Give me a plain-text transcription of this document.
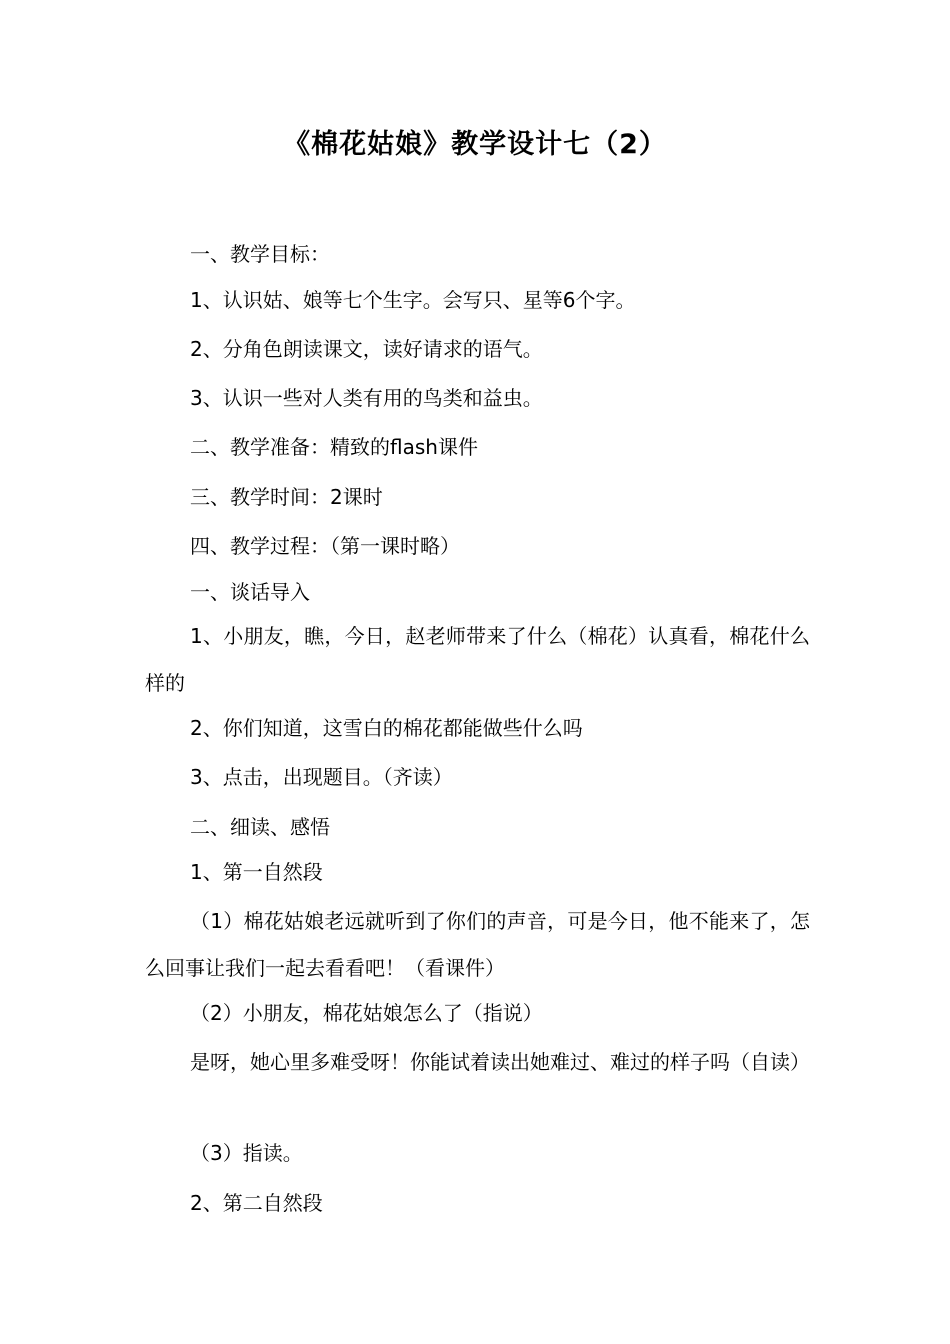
《棉花姑娘》教学设计七（2）
一、教学目标：
1、认识姑、娘等七个生字。会写只、星等6个字。
2、分角色朗读课文，读好请求的语气。
3、认识一些对人类有用的鸟类和益虫。
二、教学准备：精致的flash课件
三、教学时间：2课时
四、教学过程：（第一课时略）
一、谈话导入
1、小朋友，瞧，今日，赵老师带来了什么（棉花）认真看，棉花什么样的
2、你们知道，这雪白的棉花都能做些什么吗
3、点击，出现题目。（齐读）
二、细读、感悟
1、第一自然段
（1）棉花姑娘老远就听到了你们的声音，可是今日，他不能来了，怎么回事让我们一起去看看吧！（看课件）
（2）小朋友，棉花姑娘怎么了（指说）
是呀，她心里多难受呀！你能试着读出她难过、难过的样子吗（自读）
（3）指读。
2、第二自然段
